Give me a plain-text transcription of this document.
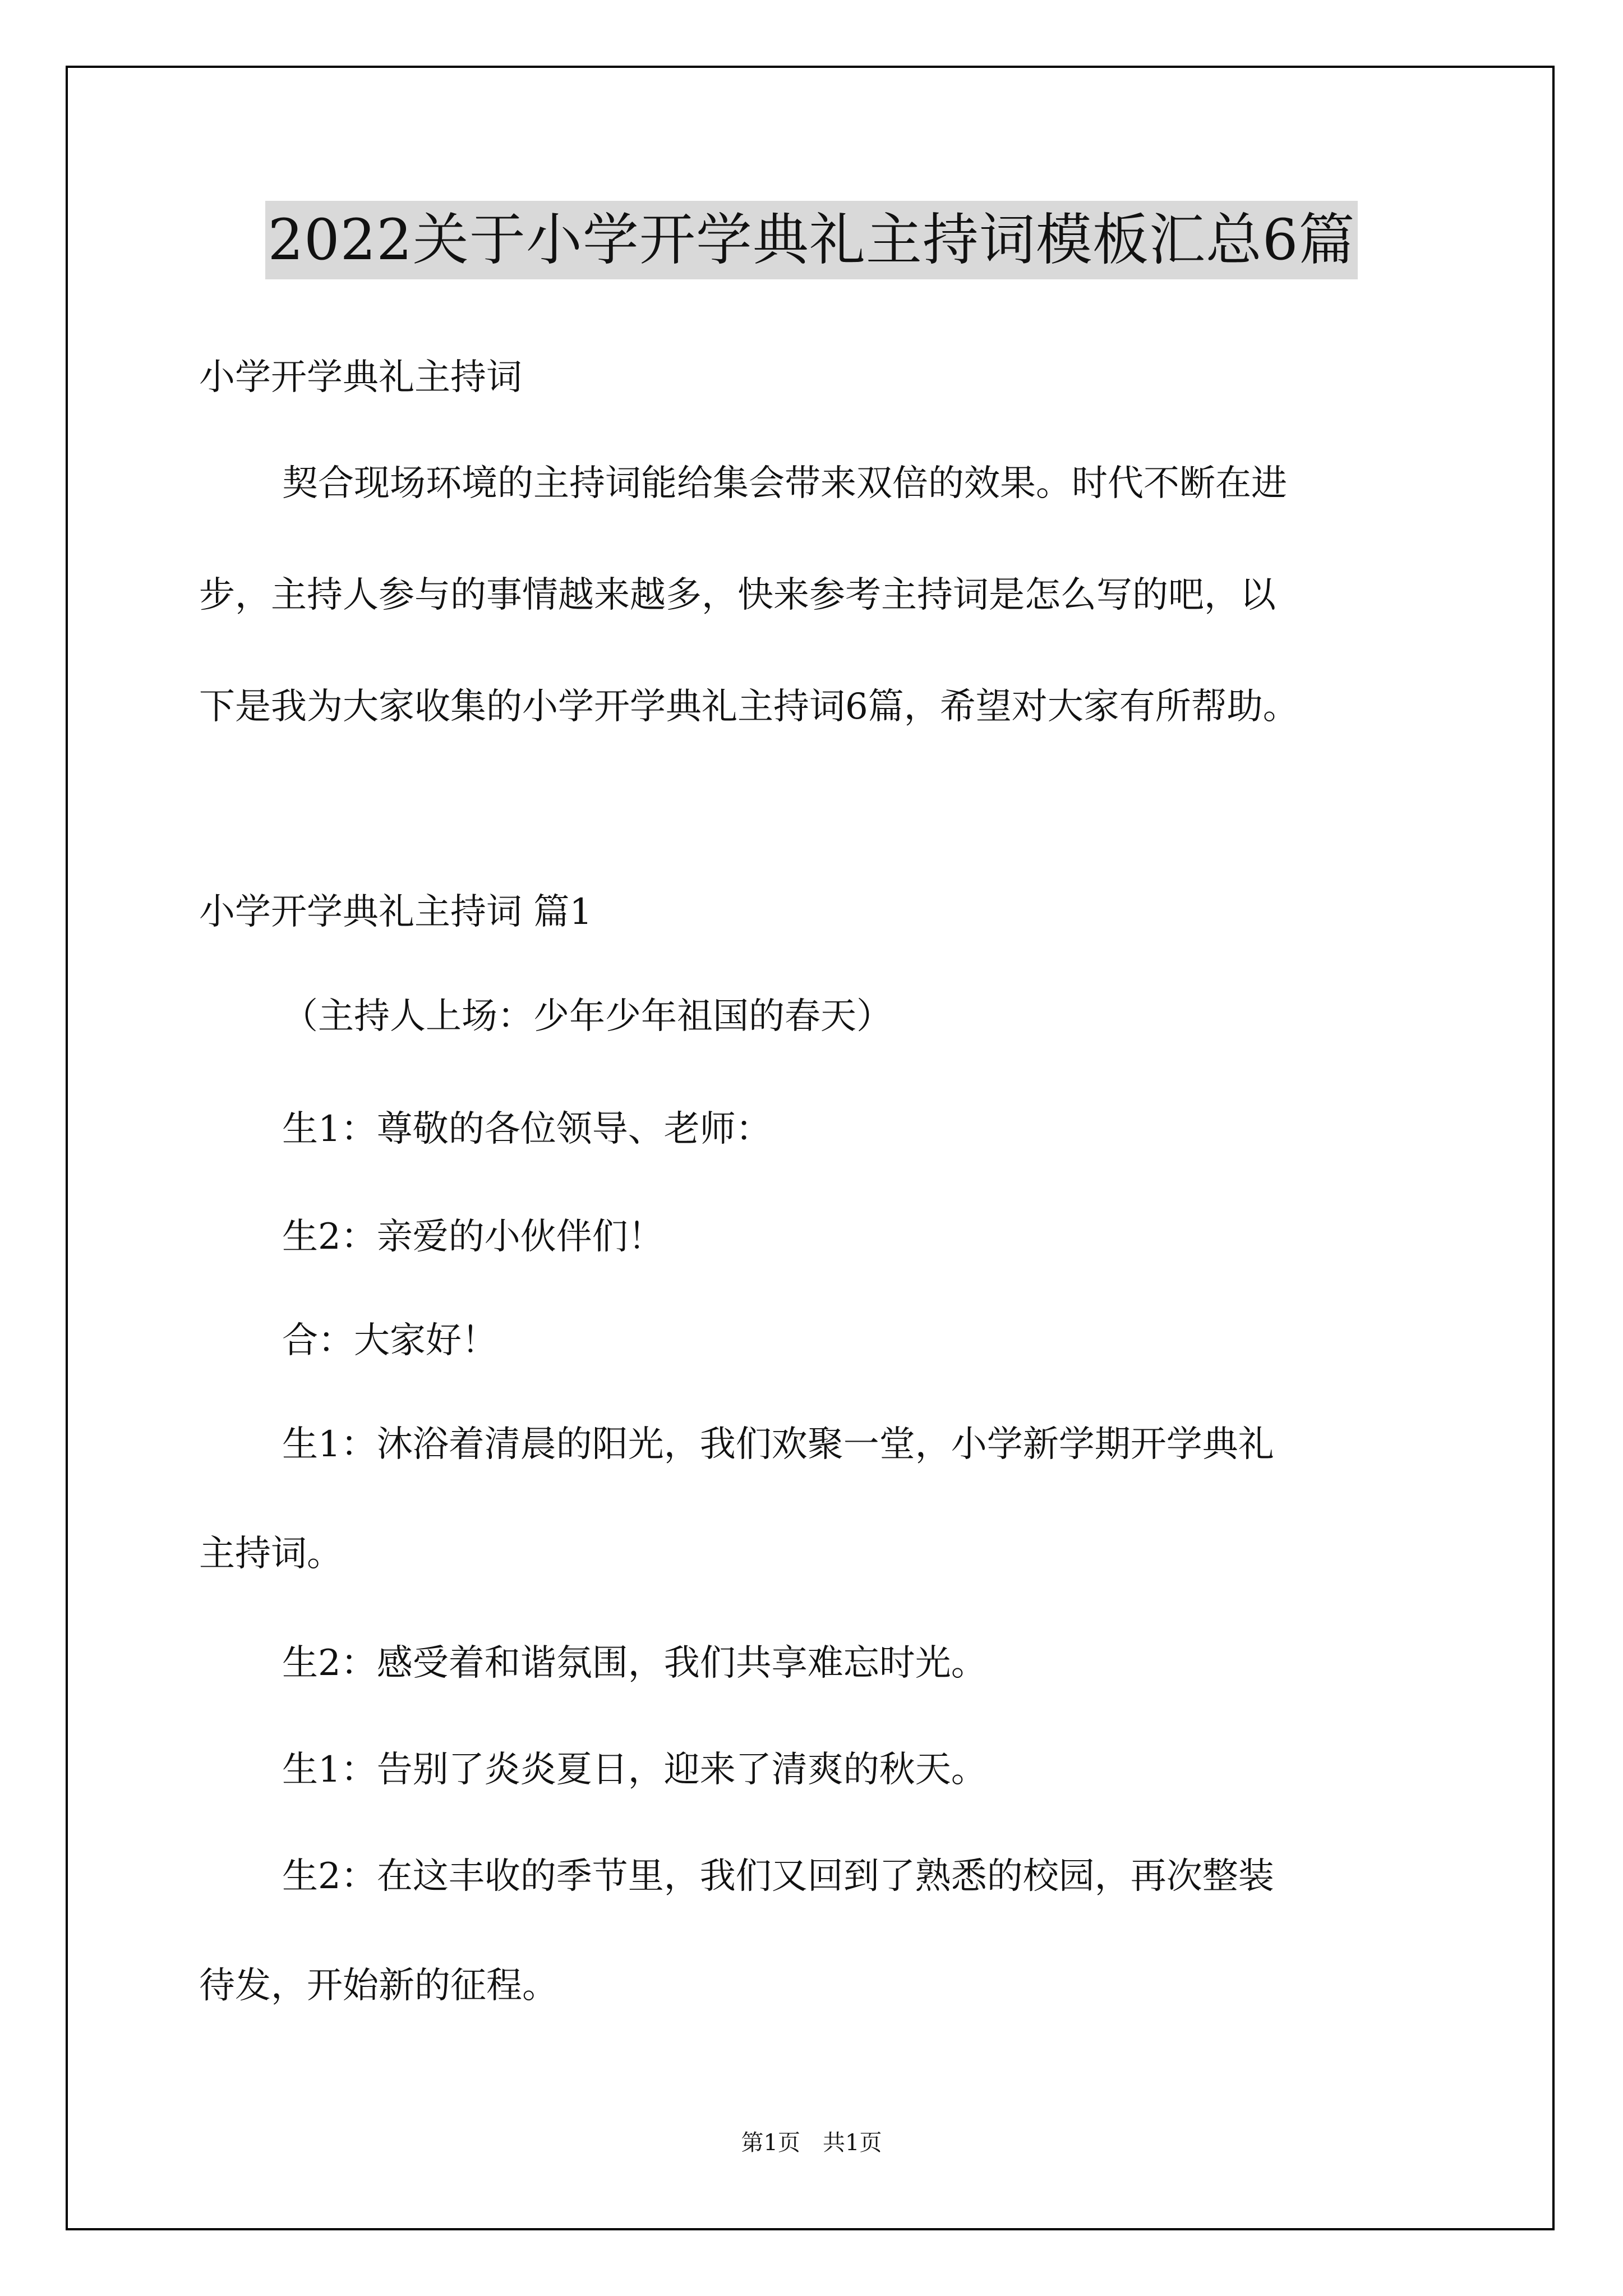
2022关于小学开学典礼主持词模板汇总6篇
小学开学典礼主持词
契合现场环境的主持词能给集会带来双倍的效果。时代不断在进
步，主持人参与的事情越来越多，快来参考主持词是怎么写的吧，以
下是我为大家收集的小学开学典礼主持词6篇，希望对大家有所帮助。
小学开学典礼主持词 篇1
（主持人上场：少年少年祖国的春天）
生1：尊敬的各位领导、老师：
生2：亲爱的小伙伴们！
合：大家好！
生1：沐浴着清晨的阳光，我们欢聚一堂，小学新学期开学典礼
主持词。
生2：感受着和谐氛围，我们共享难忘时光。
生1：告别了炎炎夏日，迎来了清爽的秋天。
生2：在这丰收的季节里，我们又回到了熟悉的校园，再次整装
待发，开始新的征程。
第1页　共1页
